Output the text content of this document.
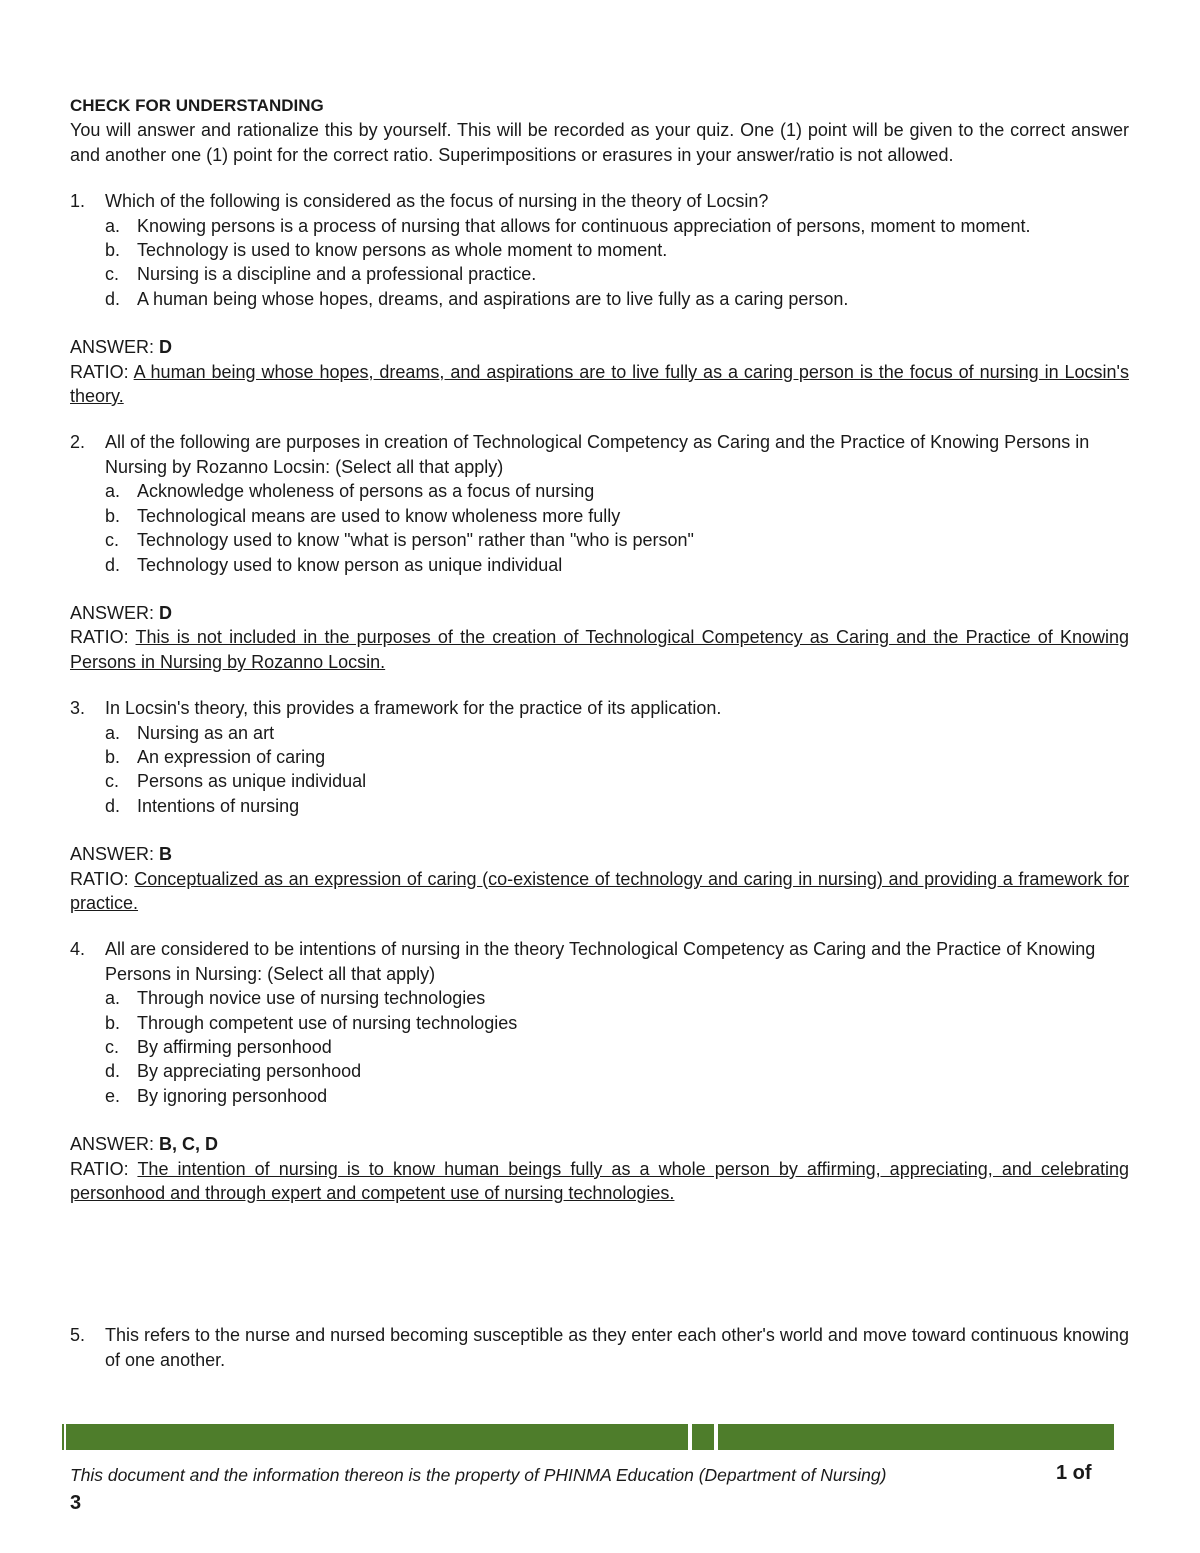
CHECK FOR UNDERSTANDING

You will answer and rationalize this by yourself. This will be recorded as your quiz. One (1) point will be given to the correct answer and another one (1) point for the correct ratio. Superimpositions or erasures in your answer/ratio is not allowed.

1. Which of the following is considered as the focus of nursing in the theory of Locsin?
a. Knowing persons is a process of nursing that allows for continuous appreciation of persons, moment to moment.
b. Technology is used to know persons as whole moment to moment.
c. Nursing is a discipline and a professional practice.
d. A human being whose hopes, dreams, and aspirations are to live fully as a caring person.
ANSWER: D

RATIO: A human being whose hopes, dreams, and aspirations are to live fully as a caring person is the focus of nursing in Locsin's theory.

2. All of the following are purposes in creation of Technological Competency as Caring and the Practice of Knowing Persons in Nursing by Rozanno Locsin: (Select all that apply)
a. Acknowledge wholeness of persons as a focus of nursing
b. Technological means are used to know wholeness more fully
c. Technology used to know "what is person" rather than "who is person"
d. Technology used to know person as unique individual
ANSWER: D

RATIO: This is not included in the purposes of the creation of Technological Competency as Caring and the Practice of Knowing Persons in Nursing by Rozanno Locsin.

3. In Locsin's theory, this provides a framework for the practice of its application.
a. Nursing as an art
b. An expression of caring
c. Persons as unique individual
d. Intentions of nursing
ANSWER: B

RATIO: Conceptualized as an expression of caring (co-existence of technology and caring in nursing) and providing a framework for practice.

4. All are considered to be intentions of nursing in the theory Technological Competency as Caring and the Practice of Knowing Persons in Nursing: (Select all that apply)
a. Through novice use of nursing technologies
b. Through competent use of nursing technologies
c. By affirming personhood
d. By appreciating personhood
e. By ignoring personhood
ANSWER: B, C, D

RATIO: The intention of nursing is to know human beings fully as a whole person by affirming, appreciating, and celebrating personhood and through expert and competent use of nursing technologies.

5. This refers to the nurse and nursed becoming susceptible as they enter each other's world and move toward continuous knowing of one another.
This document and the information thereon is the property of PHINMA Education (Department of Nursing)	1 of
3
